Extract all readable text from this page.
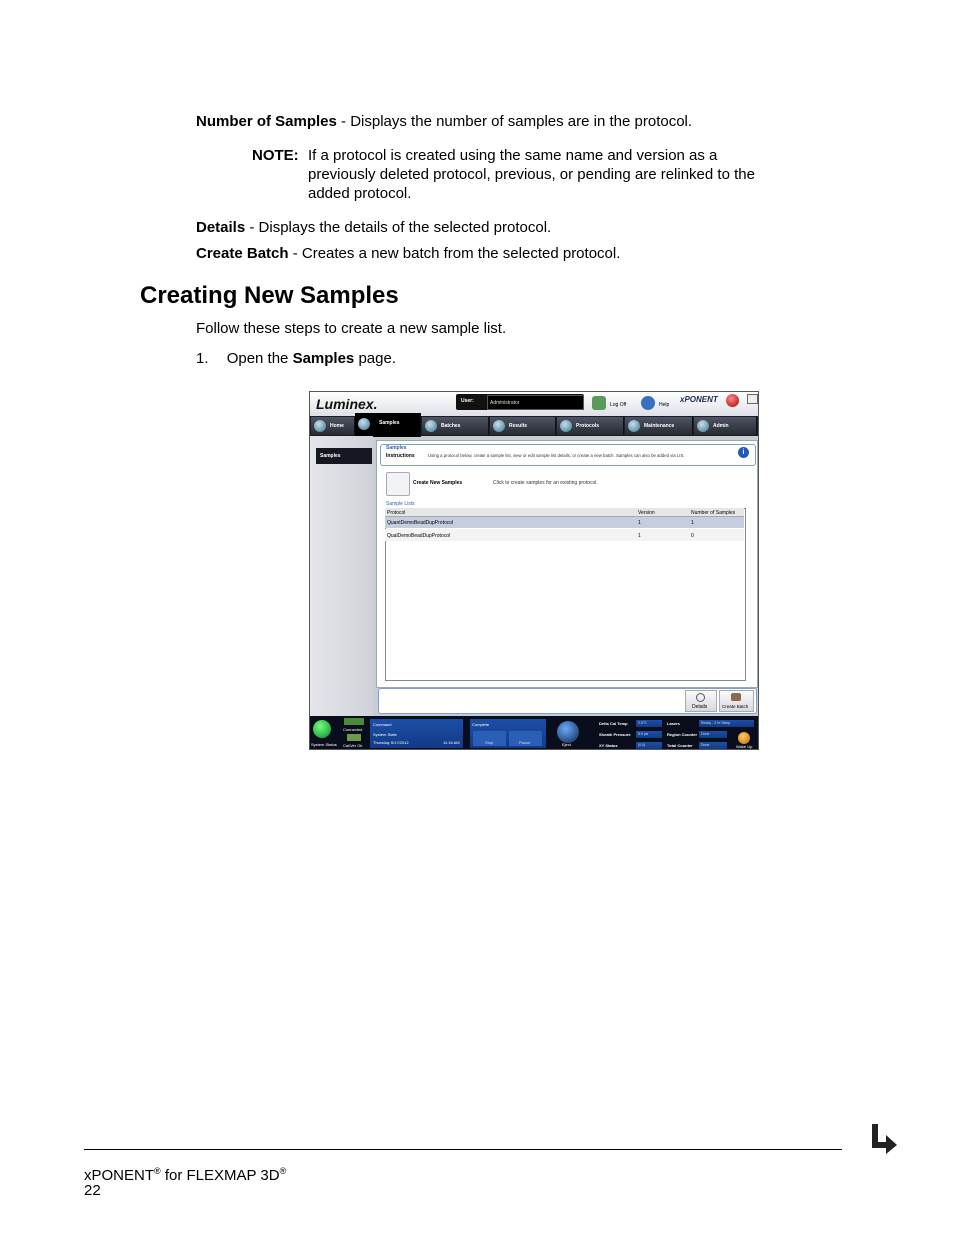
Number of Samples - Displays the number of samples are in the protocol.
NOTE: If a protocol is created using the same name and version as a
previously deleted protocol, previous, or pending are relinked to the
added protocol.
Details - Displays the details of the selected protocol.
Create Batch - Creates a new batch from the selected protocol.
Creating New Samples
Follow these steps to create a new sample list.
1. Open the Samples page.
Luminex.	User:	Administrator	Log Off	Help
xPONENT
Home	Samples	Batches	Results	Protocols	Maintenance	Admin
Samples
Samples
Instructions	Using a protocol below, create a sample list, view or edit sample list details, or create a new batch. Samples can also be added via LIS.	i
Create New Samples	Click to create samples for an existing protocol.
Sample Lists
Protocol	Version	Number of Samples
QuantDemoBeadDupProtocol	1	1
QualDemoBeadDupProtocol	1	0
Details	Create Batch
System Status
Connected
Cal/Ver Ok
Command
System State
Thursday 5/17/2012	11:16 AM
Complete
Stop	Pause	Eject
Delta Cal Temp	2.0°C
Sheath Pressure 8.0 psi
XY Status	(0,0)
Lasers	Ready - 2 hr Sleep
Region Counter Done
Total Counter Done	Wake Up
xPONENT® for FLEXMAP 3D®
22
